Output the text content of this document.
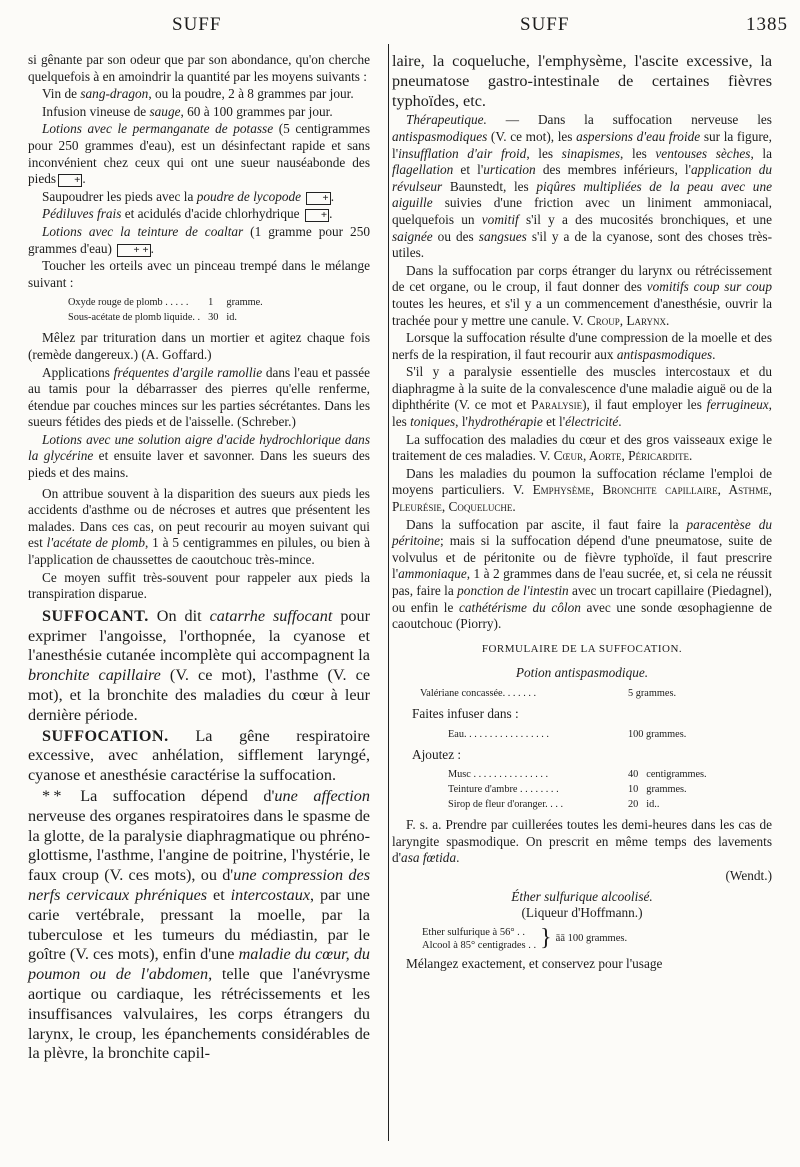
SUFF	SUFF	1385

si gênante par son odeur que par son abondance, qu'on cherche quelquefois à en amoindrir la quantité par les moyens suivants :

Vin de sang-dragon, ou la poudre, 2 à 8 grammes par jour.

Infusion vineuse de sauge, 60 à 100 grammes par jour.

Lotions avec le permanganate de potasse (5 centigrammes pour 250 grammes d'eau), est un désinfectant rapide et sans inconvénient chez ceux qui ont une sueur nauséabonde des pieds + .

Saupoudrer les pieds avec la poudre de lycopode + .

Pédiluves frais et acidulés d'acide chlorhydrique + .

Lotions avec la teinture de coaltar (1 gramme pour 250 grammes d'eau) + + .

Toucher les orteils avec un pinceau trempé dans le mélange suivant :

Oxyde rouge de plomb . . . . .	1	gramme.
Sous-acétate de plomb liquide. .	30	id.

Mêlez par trituration dans un mortier et agitez chaque fois (remède dangereux.) (A. Goffard.)

Applications fréquentes d'argile ramollie dans l'eau et passée au tamis pour la débarrasser des pierres qu'elle renferme, étendue par couches minces sur les parties sécrétantes. Dans les sueurs fétides des pieds et de l'aisselle. (Schreber.)

Lotions avec une solution aigre d'acide hydrochlorique dans la glycérine et ensuite laver et savonner. Dans les sueurs des pieds et des mains.

On attribue souvent à la disparition des sueurs aux pieds les accidents d'asthme ou de nécroses et autres que présentent les malades. Dans ces cas, on peut recourir au moyen suivant qui est l'acétate de plomb, 1 à 5 centigrammes en pilules, ou bien à l'application de chaussettes de caoutchouc très-mince.

Ce moyen suffit très-souvent pour rappeler aux pieds la transpiration disparue.

SUFFOCANT. On dit catarrhe suffocant pour exprimer l'angoisse, l'orthopnée, la cyanose et l'anesthésie cutanée incomplète qui accompagnent la bronchite capillaire (V. ce mot), l'asthme (V. ce mot), et la bronchite des maladies du cœur à leur dernière période.

SUFFOCATION. La gêne respiratoire excessive, avec anhélation, sifflement laryngé, cyanose et anesthésie caractérise la suffocation.

* *  La suffocation dépend d'une affection nerveuse des organes respiratoires dans le spasme de la glotte, de la paralysie diaphragmatique ou phréno-glottisme, l'asthme, l'angine de poitrine, l'hystérie, le faux croup (V. ces mots), ou d'une compression des nerfs cervicaux phréniques et intercostaux, par une carie vertébrale, pressant la moelle, par la tuberculose et les tumeurs du médiastin, par le goître (V. ces mots), enfin d'une maladie du cœur, du poumon ou de l'abdomen, telle que l'anévrysme aortique ou cardiaque, les rétrécissements et les insuffisances valvulaires, les corps étrangers du larynx, le croup, les épanchements considérables de la plèvre, la bronchite capil-

laire, la coqueluche, l'emphysème, l'ascite excessive, la pneumatose gastro-intestinale de certaines fièvres typhoïdes, etc.

Thérapeutique. — Dans la suffocation nerveuse les antispasmodiques (V. ce mot), les aspersions d'eau froide sur la figure, l'insufflation d'air froid, les sinapismes, les ventouses sèches, la flagellation et l'urtication des membres inférieurs, l'application du révulseur Baunstedt, les piqûres multipliées de la peau avec une aiguille suivies d'une friction avec un liniment ammoniacal, quelquefois un vomitif s'il y a des mucosités bronchiques, et une saignée ou des sangsues s'il y a de la cyanose, sont des choses très-utiles.

Dans la suffocation par corps étranger du larynx ou rétrécissement de cet organe, ou le croup, il faut donner des vomitifs coup sur coup toutes les heures, et s'il y a un commencement d'anesthésie, ouvrir la trachée pour y mettre une canule. V. Croup, Larynx.

Lorsque la suffocation résulte d'une compression de la moelle et des nerfs de la respiration, il faut recourir aux antispasmodiques.

S'il y a paralysie essentielle des muscles intercostaux et du diaphragme à la suite de la convalescence d'une maladie aiguë ou de la diphthérite (V. ce mot et Paralysie), il faut employer les ferrugineux, les toniques, l'hydrothérapie et l'électricité.

La suffocation des maladies du cœur et des gros vaisseaux exige le traitement de ces maladies. V. Cœur, Aorte, Péricardite.

Dans les maladies du poumon la suffocation réclame l'emploi de moyens particuliers. V. Emphysème, Bronchite capillaire, Asthme, Pleurésie, Coqueluche.

Dans la suffocation par ascite, il faut faire la paracentèse du péritoine; mais si la suffocation dépend d'une pneumatose, suite de volvulus et de péritonite ou de fièvre typhoïde, il faut prescrire l'ammoniaque, 1 à 2 grammes dans de l'eau sucrée, et, si cela ne réussit pas, faire la ponction de l'intestin avec un trocart capillaire (Piedagnel), ou enfin le cathétérisme du côlon avec une sonde œsophagienne de caoutchouc (Piorry).

FORMULAIRE DE LA SUFFOCATION.
Potion antispasmodique.
Valériane concassée. . . . . . .	5 grammes.
Faites infuser dans :
Eau. . . . . . . . . . . . . . . . .	100 grammes.
Ajoutez :
Musc . . . . . . . . . . . . . . .	40	centigrammes.
Teinture d'ambre . . . . . . . .	10	grammes.
Sirop de fleur d'oranger. . . .	20	id..

F. s. a. Prendre par cuillerées toutes les demi-heures dans les cas de laryngite spasmodique. On prescrit en même temps des lavements d'asa fœtida.

(Wendt.)
Éther sulfurique alcoolisé.
(Liqueur d'Hoffmann.)
Ether sulfurique à 56° . .
Alcool à 85° centigrades . . } āā 100 grammes.

Mélangez exactement, et conservez pour l'usage
